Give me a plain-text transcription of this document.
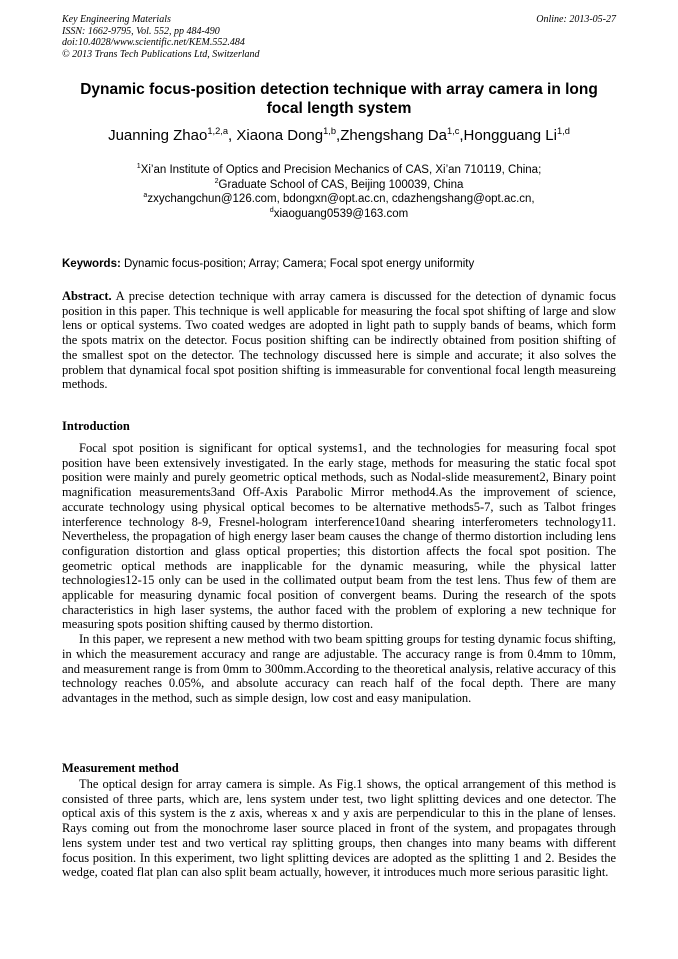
Key Engineering Materials
ISSN: 1662-9795, Vol. 552, pp 484-490
doi:10.4028/www.scientific.net/KEM.552.484
© 2013 Trans Tech Publications Ltd, Switzerland
Online: 2013-05-27
Dynamic focus-position detection technique with array camera in long focal length system
Juanning Zhao$^{1,2,a}$, Xiaona Dong$^{1,b}$,Zhengshang Da$^{1,c}$,Hongguang Li$^{1,d}$
$^1$Xi’an Institute of Optics and Precision Mechanics of CAS, Xi’an 710119, China;
$^2$Graduate School of CAS, Beijing 100039, China
$^a$zxychangchun@126.com, bdongxn@opt.ac.cn, cdazhengshang@opt.ac.cn,
$^d$xiaoguang0539@163.com
Keywords: Dynamic focus-position; Array; Camera; Focal spot energy uniformity

Abstract. A precise detection technique with array camera is discussed for the detection of dynamic focus position in this paper. This technique is well applicable for measuring the focal spot shifting of large and slow lens or optical systems. Two coated wedges are adopted in light path to supply bands of beams, which form the spots matrix on the detector. Focus position shifting can be indirectly obtained from position shifting of the smallest spot on the detector. The technology discussed here is simple and accurate; it also solves the problem that dynamical focal spot position shifting is immeasurable for conventional focal length measureing methods.

Introduction

Focal spot position is significant for optical systems1, and the technologies for measuring focal spot position have been extensively investigated. In the early stage, methods for measuring the static focal spot position were mainly and purely geometric optical methods, such as Nodal-slide measurement2, Binary point magnification measurements3and Off-Axis Parabolic Mirror method4.As the improvement of science, accurate technology using physical optical becomes to be alternative methods5-7, such as Talbot fringes interference technology 8-9, Fresnel-hologram interference10and shearing interferometers technology11. Nevertheless, the propagation of high energy laser beam causes the change of thermo distortion including lens configuration distortion and glass optical properties; this distortion affects the focal spot position. The geometric optical methods are inapplicable for the dynamic measuring, while the physical latter technologies12-15 only can be used in the collimated output beam from the test lens. Thus few of them are applicable for measuring dynamic focal position of convergent beams. During the research of the spots characteristics in high laser systems, the author faced with the problem of exploring a new technique for measuring spots position shifting caused by thermo distortion.

In this paper, we represent a new method with two beam spitting groups for testing dynamic focus shifting, in which the measurement accuracy and range are adjustable. The accuracy range is from 0.4mm to 10mm, and measurement range is from 0mm to 300mm.According to the theoretical analysis, relative accuracy of this technology reaches 0.05%, and absolute accuracy can reach half of the focal depth. There are many advantages in the method, such as simple design, low cost and easy manipulation.

Measurement method

The optical design for array camera is simple. As Fig.1 shows, the optical arrangement of this method is consisted of three parts, which are, lens system under test, two light splitting devices and one detector. The optical axis of this system is the z axis, whereas x and y axis are perpendicular to this in the plane of lenses. Rays coming out from the monochrome laser source placed in front of the system, and propagates through lens system under test and two vertical ray splitting groups, then changes into many beams with different focus position. In this experiment, two light splitting devices are adopted as the splitting 1 and 2. Besides the wedge, coated flat plan can also split beam actually, however, it introduces much more serious parasitic light.
